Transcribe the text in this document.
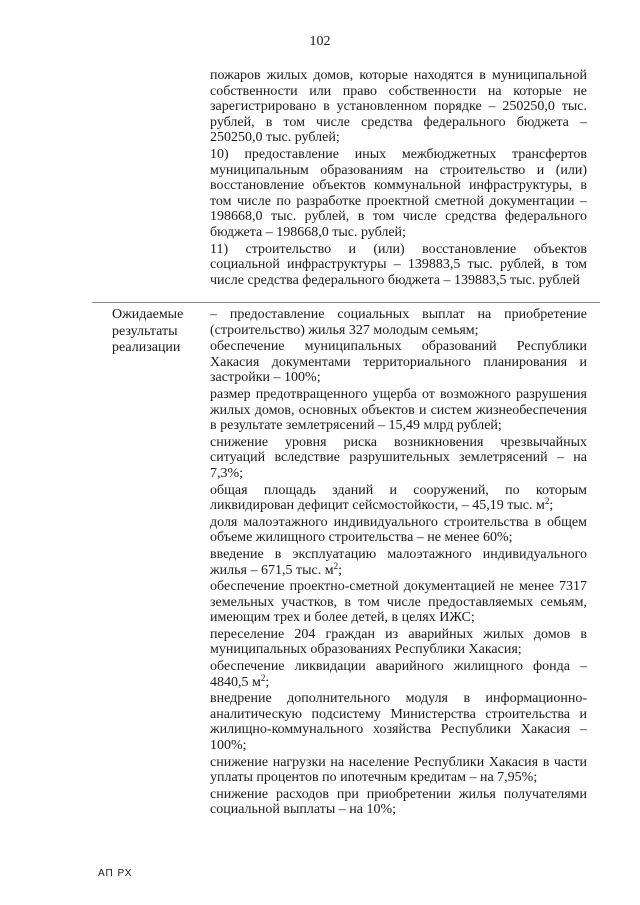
102

пожаров жилых домов, которые находятся в муниципальной собственности или право собственности на которые не зарегистрировано в установленном порядке – 250250,0 тыс. рублей, в том числе средства федерального бюджета – 250250,0 тыс. рублей;

10) предоставление иных межбюджетных трансфертов муниципальным образованиям на строительство и (или) восстановление объектов коммунальной инфраструктуры, в том числе по разработке проектной сметной документации – 198668,0 тыс. рублей, в том числе средства федерального бюджета – 198668,0 тыс. рублей;

11) строительство и (или) восстановление объектов социальной инфраструктуры – 139883,5 тыс. рублей, в том числе средства федерального бюджета – 139883,5 тыс. рублей

Ожидаемые
результаты
реализации

– предоставление социальных выплат на приобретение (строительство) жилья 327 молодым семьям;

обеспечение муниципальных образований Республики Хакасия документами территориального планирования и застройки – 100%;

размер предотвращенного ущерба от возможного разрушения жилых домов, основных объектов и систем жизнеобеспечения в результате землетрясений – 15,49 млрд рублей;

снижение уровня риска возникновения чрезвычайных ситуаций вследствие разрушительных землетрясений – на 7,3%;

общая площадь зданий и сооружений, по которым ликвидирован дефицит сейсмостойкости, – 45,19 тыс. $м^2$;

доля малоэтажного индивидуального строительства в общем объеме жилищного строительства – не менее 60%;

введение в эксплуатацию малоэтажного индивидуального жилья – 671,5 тыс. $м^2$;

обеспечение проектно-сметной документацией не менее 7317 земельных участков, в том числе предоставляемых семьям, имеющим трех и более детей, в целях ИЖС;

переселение 204 граждан из аварийных жилых домов в муниципальных образованиях Республики Хакасия;

обеспечение ликвидации аварийного жилищного фонда – 4840,5 $м^2$;

внедрение дополнительного модуля в информационно-аналитическую подсистему Министерства строительства и жилищно-коммунального хозяйства Республики Хакасия – 100%;

снижение нагрузки на население Республики Хакасия в части уплаты процентов по ипотечным кредитам – на 7,95%;

снижение расходов при приобретении жилья получателями социальной выплаты – на 10%;

АП РХ
